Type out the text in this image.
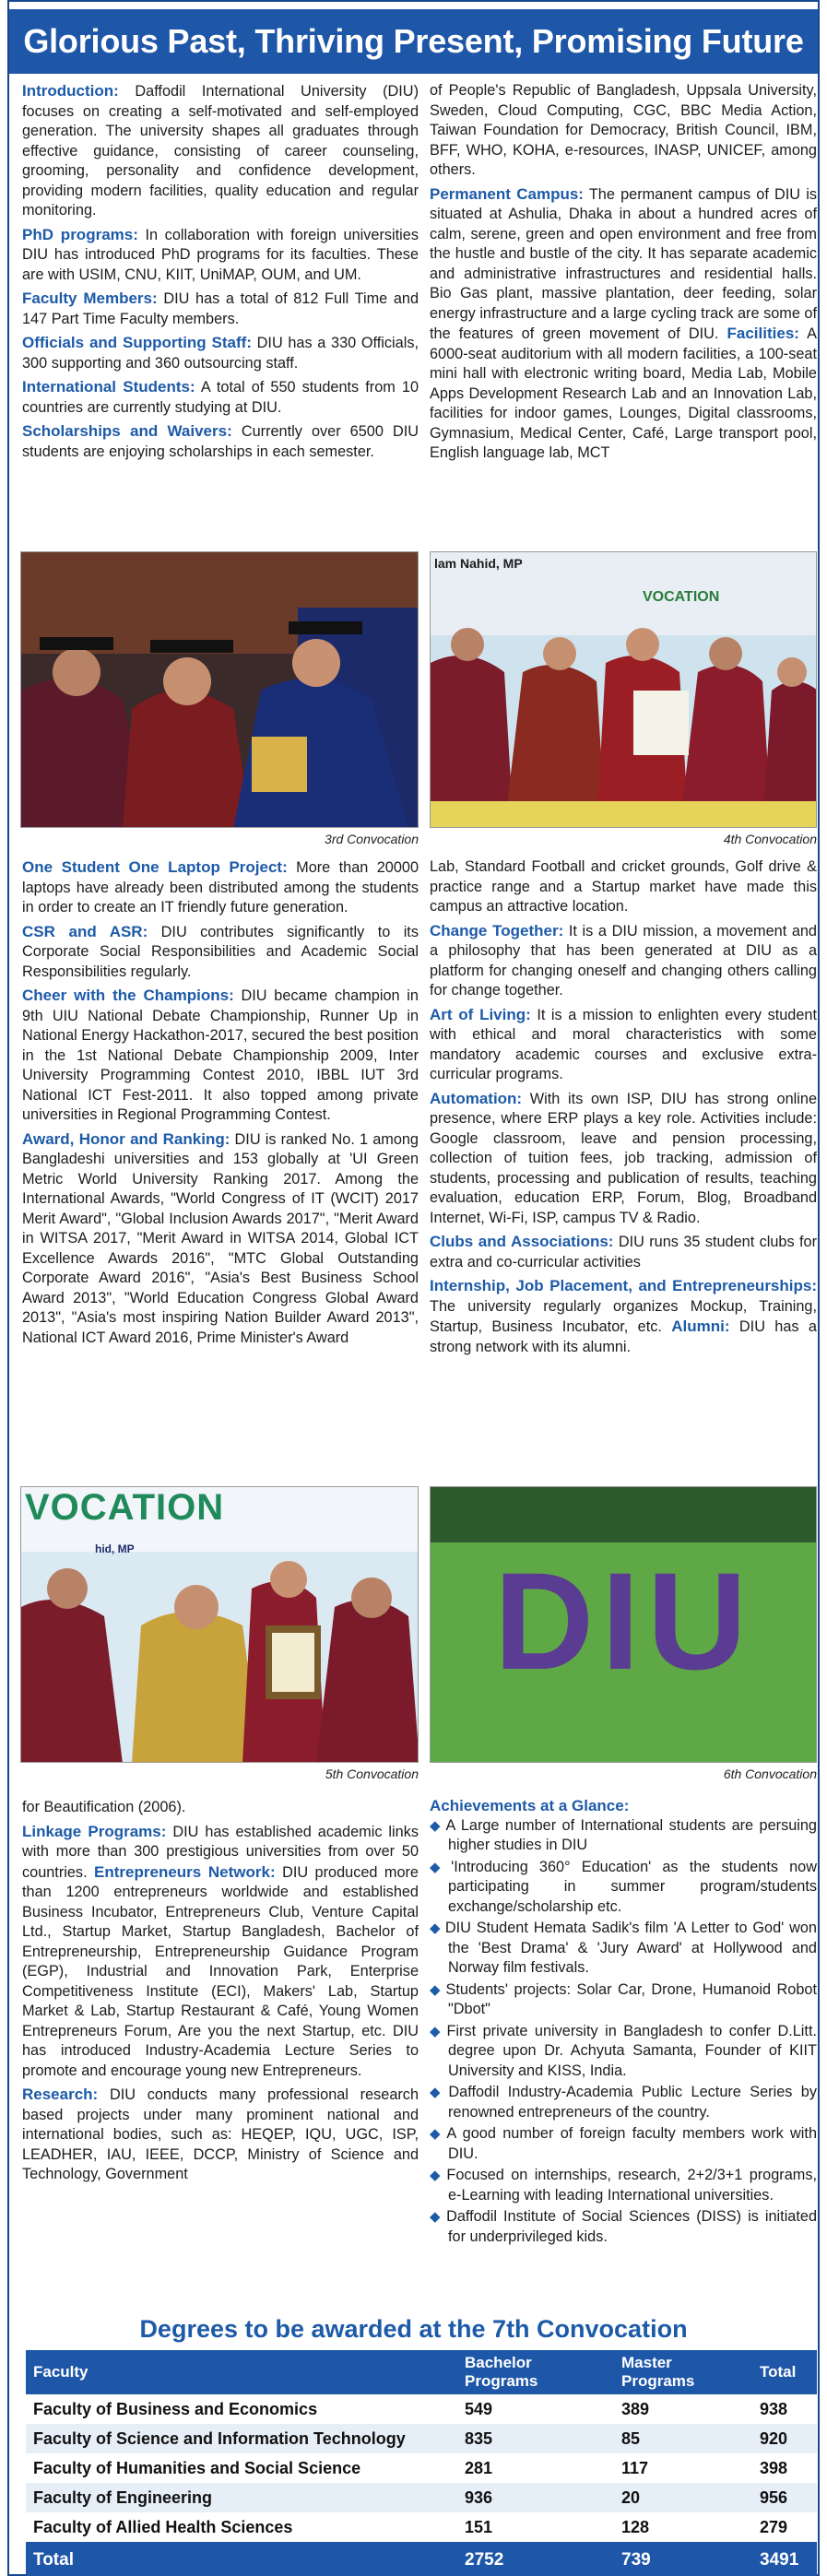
Glorious Past, Thriving Present, Promising Future

Introduction: Daffodil International University (DIU) focuses on creating a self-motivated and self-employed generation. The university shapes all graduates through effective guidance, consisting of career counseling, grooming, personality and confidence development, providing modern facilities, quality education and regular monitoring.

PhD programs: In collaboration with foreign universities DIU has introduced PhD programs for its faculties. These are with USIM, CNU, KIIT, UniMAP, OUM, and UM.

Faculty Members: DIU has a total of 812 Full Time and 147 Part Time Faculty members.

Officials and Supporting Staff: DIU has a 330 Officials, 300 supporting and 360 outsourcing staff.

International Students: A total of 550 students from 10 countries are currently studying at DIU.

Scholarships and Waivers: Currently over 6500 DIU students are enjoying scholarships in each semester.

of People's Republic of Bangladesh, Uppsala University, Sweden, Cloud Computing, CGC, BBC Media Action, Taiwan Foundation for Democracy, British Council, IBM, BFF, WHO, KOHA, e-resources, INASP, UNICEF, among others.

Permanent Campus: The permanent campus of DIU is situated at Ashulia, Dhaka in about a hundred acres of calm, serene, green and open environment and free from the hustle and bustle of the city. It has separate academic and administrative infrastructures and residential halls. Bio Gas plant, massive plantation, deer feeding, solar energy infrastructure and a large cycling track are some of the features of green movement of DIU. Facilities: A 6000-seat auditorium with all modern facilities, a 100-seat mini hall with electronic writing board, Media Lab, Mobile Apps Development Research Lab and an Innovation Lab, facilities for indoor games, Lounges, Digital classrooms, Gymnasium, Medical Center, Café, Large transport pool, English language lab, MCT

3rd Convocation
lam Nahid, MP
VOCATION
4th Convocation

One Student One Laptop Project: More than 20000 laptops have already been distributed among the students in order to create an IT friendly future generation.

CSR and ASR: DIU contributes significantly to its Corporate Social Responsibilities and Academic Social Responsibilities regularly.

Cheer with the Champions: DIU became champion in 9th UIU National Debate Championship, Runner Up in National Energy Hackathon-2017, secured the best position in the 1st National Debate Championship 2009, Inter University Programming Contest 2010, IBBL IUT 3rd National ICT Fest-2011. It also topped among private universities in Regional Programming Contest.

Award, Honor and Ranking: DIU is ranked No. 1 among Bangladeshi universities and 153 globally at 'UI Green Metric World University Ranking 2017. Among the International Awards, "World Congress of IT (WCIT) 2017 Merit Award", "Global Inclusion Awards 2017", "Merit Award in WITSA 2017, "Merit Award in WITSA 2014, Global ICT Excellence Awards 2016", "MTC Global Outstanding Corporate Award 2016", "Asia's Best Business School Award 2013", "World Education Congress Global Award 2013", "Asia's most inspiring Nation Builder Award 2013", National ICT Award 2016, Prime Minister's Award

Lab, Standard Football and cricket grounds, Golf drive & practice range and a Startup market have made this campus an attractive location.

Change Together: It is a DIU mission, a movement and a philosophy that has been generated at DIU as a platform for changing oneself and changing others calling for change together.

Art of Living: It is a mission to enlighten every student with ethical and moral characteristics with some mandatory academic courses and exclusive extra-curricular programs.

Automation: With its own ISP, DIU has strong online presence, where ERP plays a key role. Activities include: Google classroom, leave and pension processing, collection of tuition fees, job tracking, admission of students, processing and publication of results, teaching evaluation, education ERP, Forum, Blog, Broadband Internet, Wi-Fi, ISP, campus TV & Radio.

Clubs and Associations: DIU runs 35 student clubs for extra and co-curricular activities

Internship, Job Placement, and Entrepreneurships: The university regularly organizes Mockup, Training, Startup, Business Incubator, etc. Alumni: DIU has a strong network with its alumni.

VOCATION
hid, MP
5th Convocation
DIU
6th Convocation

for Beautification (2006).

Linkage Programs: DIU has established academic links with more than 300 prestigious universities from over 50 countries. Entrepreneurs Network: DIU produced more than 1200 entrepreneurs worldwide and established Business Incubator, Entrepreneurs Club, Venture Capital Ltd., Startup Market, Startup Bangladesh, Bachelor of Entrepreneurship, Entrepreneurship Guidance Program (EGP), Industrial and Innovation Park, Enterprise Competitiveness Institute (ECI), Makers' Lab, Startup Market & Lab, Startup Restaurant & Café, Young Women Entrepreneurs Forum, Are you the next Startup, etc. DIU has introduced Industry-Academia Lecture Series to promote and encourage young new Entrepreneurs.

Research: DIU conducts many professional research based projects under many prominent national and international bodies, such as: HEQEP, IQU, UGC, ISP, LEADHER, IAU, IEEE, DCCP, Ministry of Science and Technology, Government

Achievements at a Glance:
◆ A Large number of International students are persuing higher studies in DIU
◆ 'Introducing 360° Education' as the students now participating in summer program/students exchange/scholarship etc.
◆ DIU Student Hemata Sadik's film 'A Letter to God' won the 'Best Drama' & 'Jury Award' at Hollywood and Norway film festivals.
◆ Students' projects: Solar Car, Drone, Humanoid Robot "Dbot"
◆ First private university in Bangladesh to confer D.Litt. degree upon Dr. Achyuta Samanta, Founder of KIIT University and KISS, India.
◆ Daffodil Industry-Academia Public Lecture Series by renowned entrepreneurs of the country.
◆ A good number of foreign faculty members work with DIU.
◆ Focused on internships, research, 2+2/3+1 programs, e-Learning with leading International universities.
◆ Daffodil Institute of Social Sciences (DISS) is initiated for underprivileged kids.
Degrees to be awarded at the 7th Convocation
Faculty	Bachelor Programs	Master Programs	Total
Faculty of Business and Economics	549	389	938
Faculty of Science and Information Technology	835	85	920
Faculty of Humanities and Social Science	281	117	398
Faculty of Engineering	936	20	956
Faculty of Allied Health Sciences	151	128	279
Total	2752	739	3491
